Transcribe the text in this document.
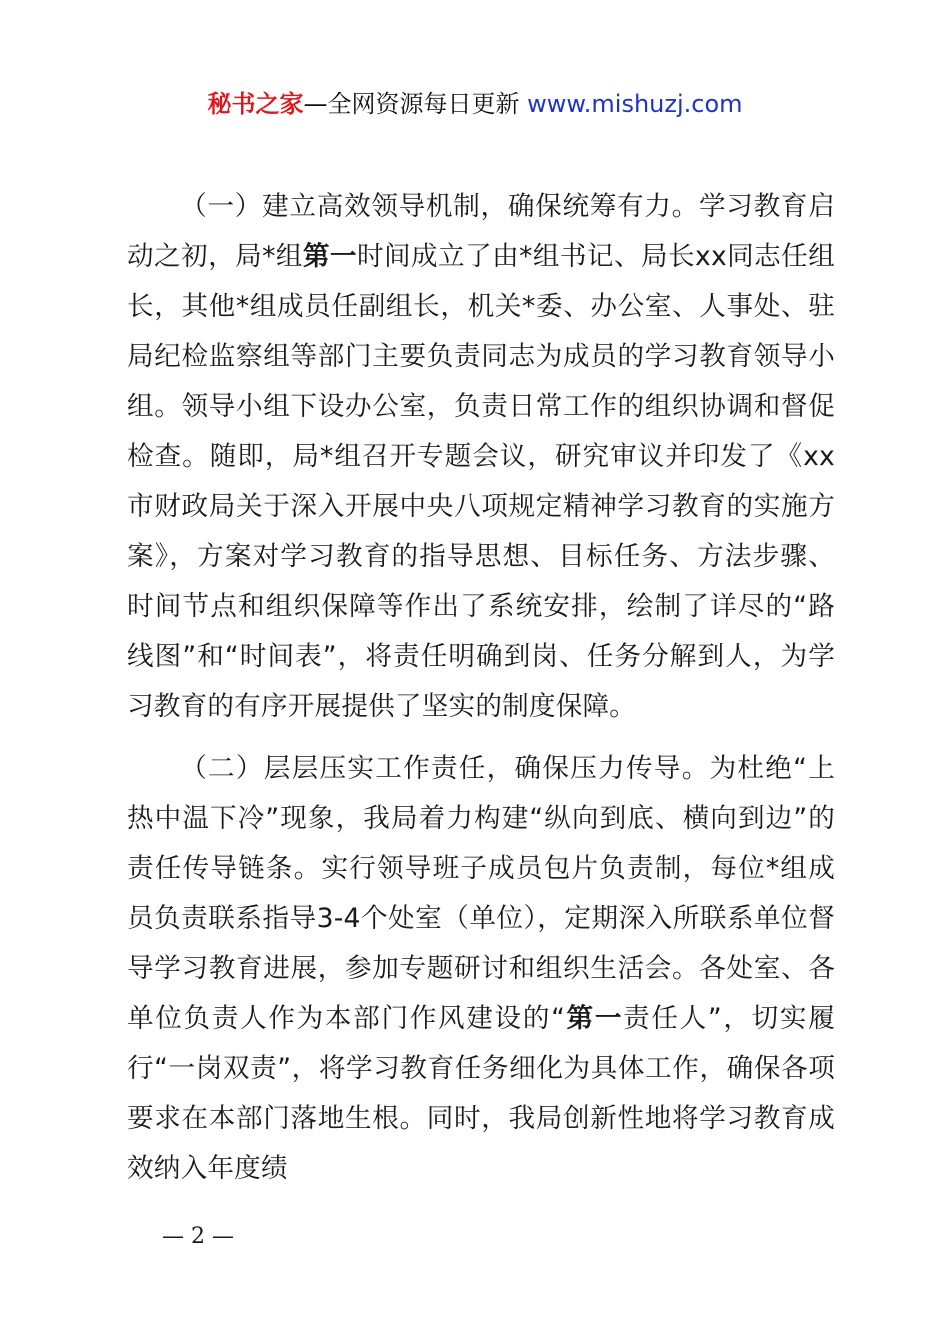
秘书之家—全网资源每日更新 www.mishuzj.com

（一）建立高效领导机制，确保统筹有力。学习教育启动之初，局*组第一时间成立了由*组书记、局长xx同志任组长，其他*组成员任副组长，机关*委、办公室、人事处、驻局纪检监察组等部门主要负责同志为成员的学习教育领导小组。领导小组下设办公室，负责日常工作的组织协调和督促检查。随即，局*组召开专题会议，研究审议并印发了《xx市财政局关于深入开展中央八项规定精神学习教育的实施方案》，方案对学习教育的指导思想、目标任务、方法步骤、时间节点和组织保障等作出了系统安排，绘制了详尽的“路线图”和“时间表”，将责任明确到岗、任务分解到人，为学习教育的有序开展提供了坚实的制度保障。

（二）层层压实工作责任，确保压力传导。为杜绝“上热中温下冷”现象，我局着力构建“纵向到底、横向到边”的责任传导链条。实行领导班子成员包片负责制，每位*组成员负责联系指导3-4个处室（单位），定期深入所联系单位督导学习教育进展，参加专题研讨和组织生活会。各处室、各单位负责人作为本部门作风建设的“第一责任人”，切实履行“一岗双责”，将学习教育任务细化为具体工作，确保各项要求在本部门落地生根。同时，我局创新性地将学习教育成效纳入年度绩

— 2 —
